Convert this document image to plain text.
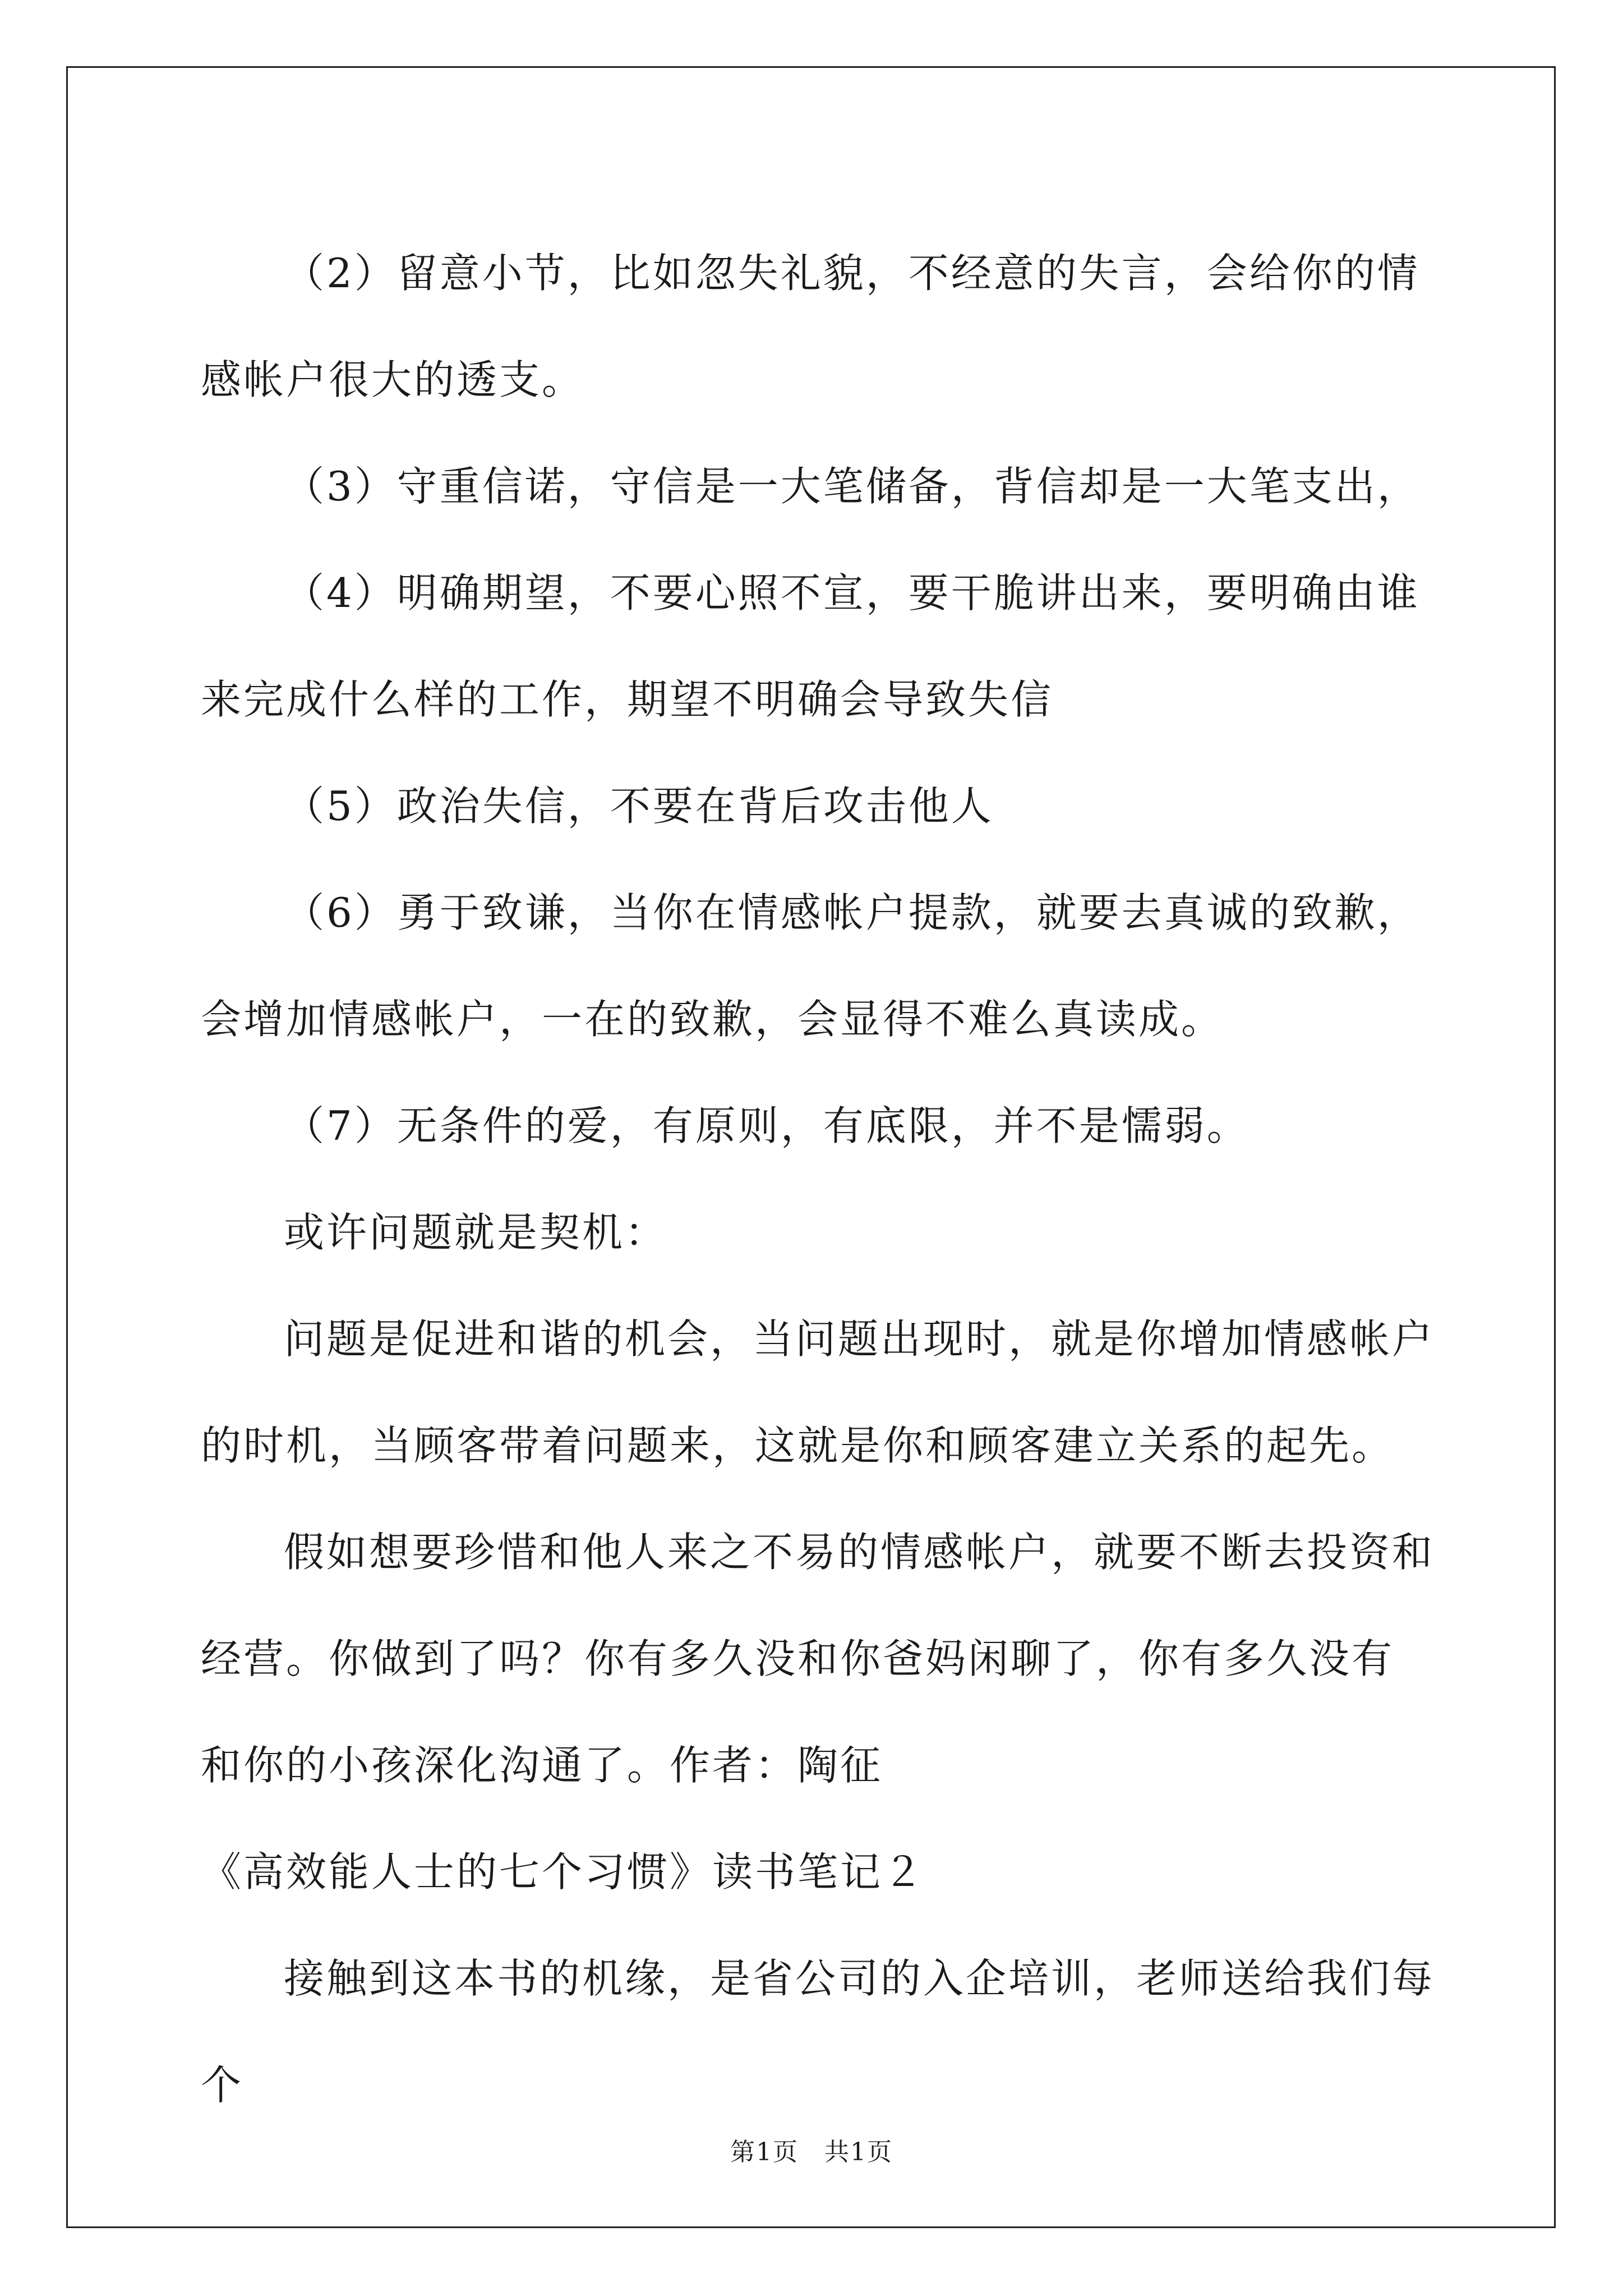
（2）留意小节，比如忽失礼貌，不经意的失言，会给你的情感帐户很大的透支。

（3）守重信诺，守信是一大笔储备，背信却是一大笔支出，

（4）明确期望，不要心照不宣，要干脆讲出来，要明确由谁来完成什么样的工作，期望不明确会导致失信

（5）政治失信，不要在背后攻击他人

（6）勇于致谦，当你在情感帐户提款，就要去真诚的致歉，会增加情感帐户，一在的致歉，会显得不难么真读成。

（7）无条件的爱，有原则，有底限，并不是懦弱。

或许问题就是契机：

问题是促进和谐的机会，当问题出现时，就是你增加情感帐户的时机，当顾客带着问题来，这就是你和顾客建立关系的起先。

假如想要珍惜和他人来之不易的情感帐户，就要不断去投资和经营。你做到了吗？你有多久没和你爸妈闲聊了，你有多久没有和你的小孩深化沟通了。作者：陶征

《高效能人士的七个习惯》读书笔记２

接触到这本书的机缘，是省公司的入企培训，老师送给我们每个

第1页　共1页
